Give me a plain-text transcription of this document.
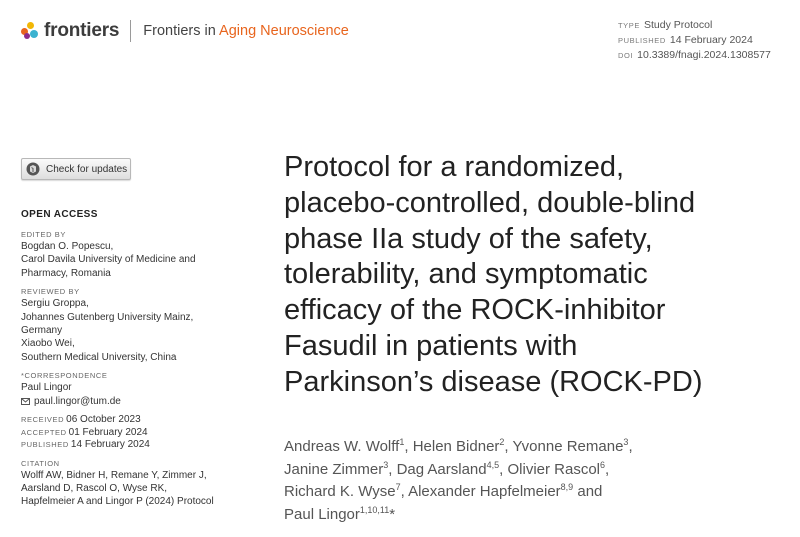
frontiers Frontiers in Aging Neuroscience	TYPE Study Protocol
PUBLISHED 14 February 2024
DOI 10.3389/fnagi.2024.1308577
Check for updates
OPEN ACCESS
EDITED BY
Bogdan O. Popescu,
Carol Davila University of Medicine and
Pharmacy, Romania
REVIEWED BY
Sergiu Groppa,
Johannes Gutenberg University Mainz,
Germany
Xiaobo Wei,
Southern Medical University, China
*CORRESPONDENCE
Paul Lingor
paul.lingor@tum.de
RECEIVED 06 October 2023
ACCEPTED 01 February 2024
PUBLISHED 14 February 2024
CITATION
Wolff AW, Bidner H, Remane Y, Zimmer J,
Aarsland D, Rascol O, Wyse RK,
Hapfelmeier A and Lingor P (2024) Protocol
Protocol for a randomized,
placebo-controlled, double-blind
phase IIa study of the safety,
tolerability, and symptomatic
efficacy of the ROCK-inhibitor
Fasudil in patients with
Parkinson’s disease (ROCK-PD)
Andreas W. Wolff$^1$, Helen Bidner$^2$, Yvonne Remane$^3$,
Janine Zimmer$^3$, Dag Aarsland$^{4,5}$, Olivier Rascol$^6$,
Richard K. Wyse$^7$, Alexander Hapfelmeier$^{8,9}$ and
Paul Lingor$^{1,10,11}$*
